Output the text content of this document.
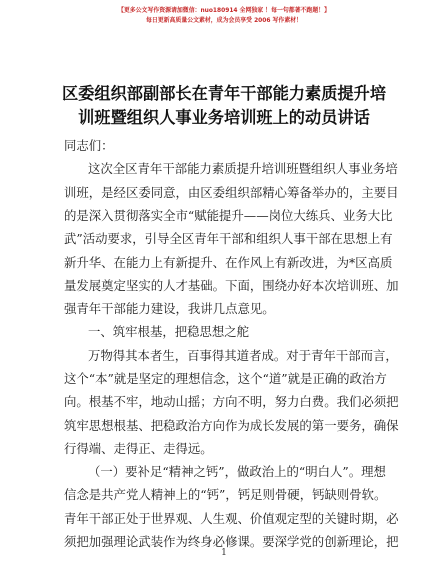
【更多公文写作资源请加微信：nuo180914 全网独家 ！每一句都著不跑题！】
每日更新高质量公文素材，成为会员享受 2006 写作素材！
区委组织部副部长在青年干部能力素质提升培
训班暨组织人事业务培训班上的动员讲话
同志们：
这次全区青年干部能力素质提升培训班暨组织人事业务培
训班，是经区委同意，由区委组织部精心筹备举办的，主要目
的是深入贯彻落实全市“赋能提升——岗位大练兵、业务大比
武”活动要求，引导全区青年干部和组织人事干部在思想上有
新升华、在能力上有新提升、在作风上有新改进，为*区高质
量发展奠定坚实的人才基础。下面，围绕办好本次培训班、加
强青年干部能力建设，我讲几点意见。
一、筑牢根基，把稳思想之舵
万物得其本者生，百事得其道者成。对于青年干部而言，
这个“本”就是坚定的理想信念，这个“道”就是正确的政治方
向。根基不牢，地动山摇；方向不明，努力白费。我们必须把
筑牢思想根基、把稳政治方向作为成长发展的第一要务，确保
行得端、走得正、走得远。
（一）要补足“精神之钙”，做政治上的“明白人”。理想
信念是共产党人精神上的“钙”，钙足则骨硬，钙缺则骨软。
青年干部正处于世界观、人生观、价值观定型的关键时期，必
须把加强理论武装作为终身必修课。要深学党的创新理论，把
1
